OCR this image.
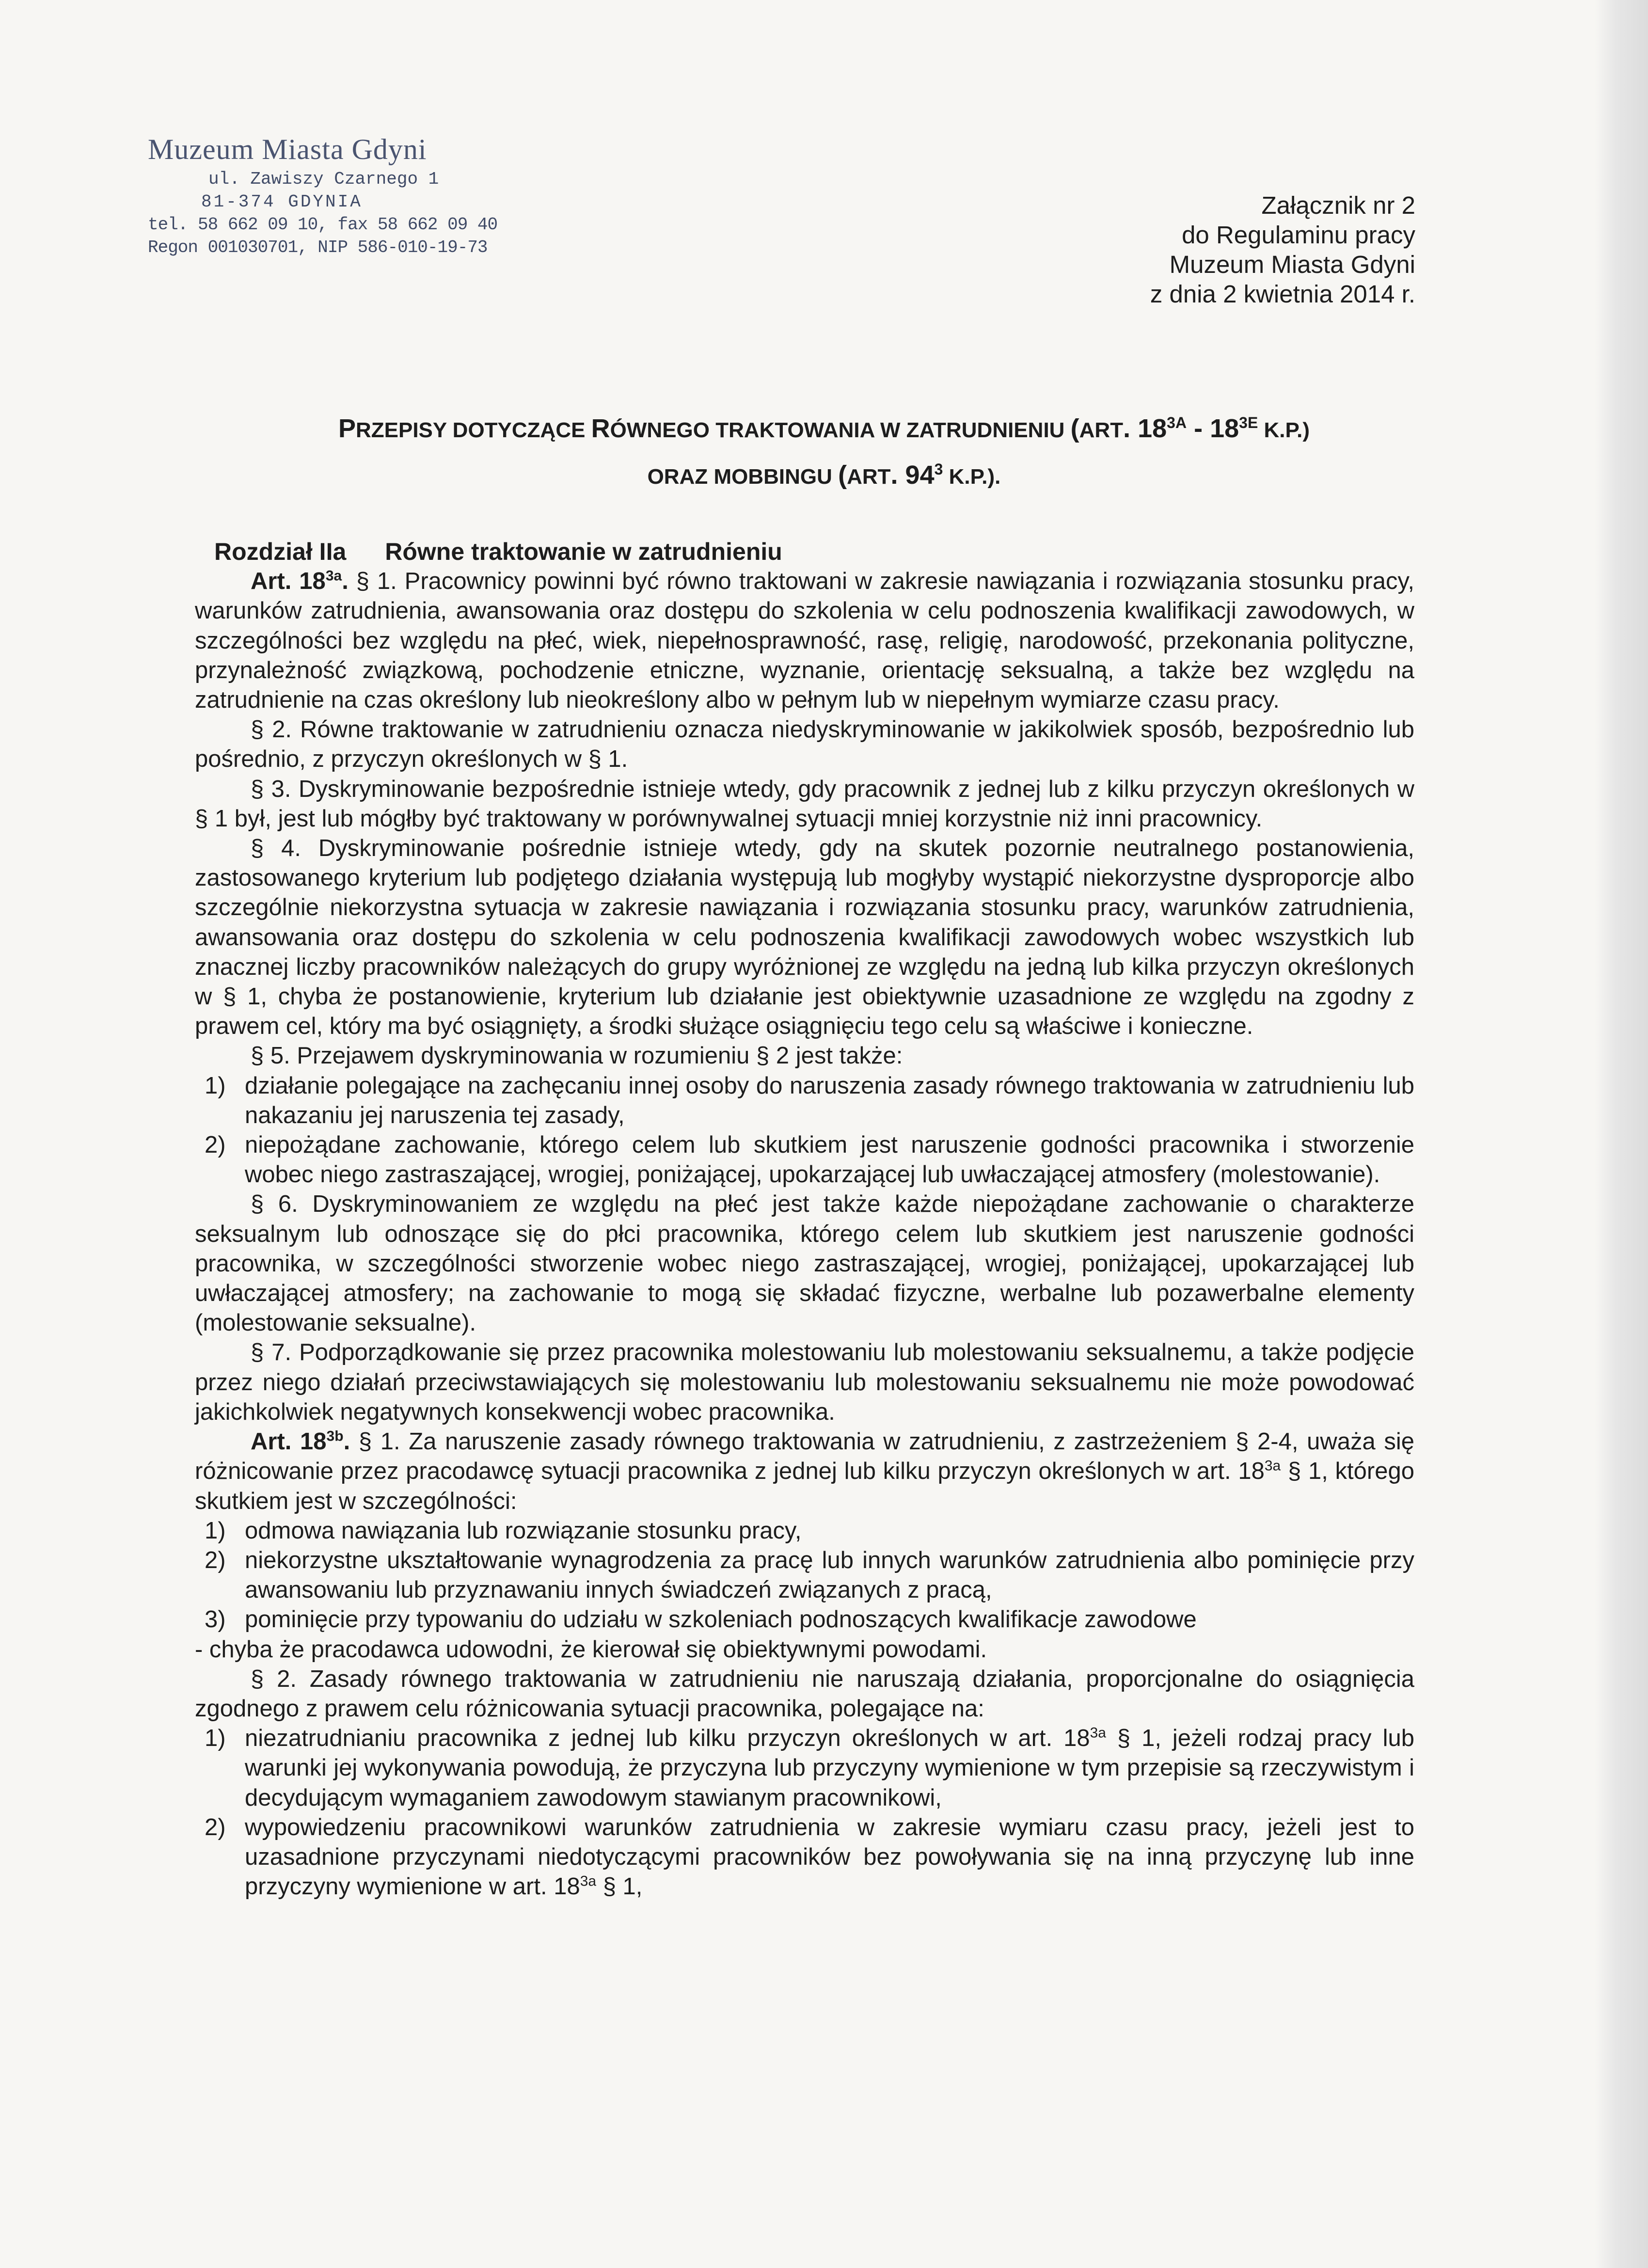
Muzeum Miasta Gdyni
ul. Zawiszy Czarnego 1
81-374 GDYNIA
tel. 58 662 09 10, fax 58 662 09 40
Regon 001030701, NIP 586-010-19-73
Załącznik nr 2
do Regulaminu pracy
Muzeum Miasta Gdyni
z dnia 2 kwietnia 2014 r.
PRZEPISY DOTYCZĄCE RÓWNEGO TRAKTOWANIA W ZATRUDNIENIU (ART. $18^{3A} - 18^{3E}$ K.P.)
ORAZ MOBBINGU (ART. $94^3$ K.P.).

Rozdział IIa Równe traktowanie w zatrudnieniu

Art. $18^{3a}$. § 1. Pracownicy powinni być równo traktowani w zakresie nawiązania i rozwiązania stosunku pracy, warunków zatrudnienia, awansowania oraz dostępu do szkolenia w celu podnoszenia kwalifikacji zawodowych, w szczególności bez względu na płeć, wiek, niepełnosprawność, rasę, religię, narodowość, przekonania polityczne, przynależność związkową, pochodzenie etniczne, wyznanie, orientację seksualną, a także bez względu na zatrudnienie na czas określony lub nieokreślony albo w pełnym lub w niepełnym wymiarze czasu pracy.

§ 2. Równe traktowanie w zatrudnieniu oznacza niedyskryminowanie w jakikolwiek sposób, bezpośrednio lub pośrednio, z przyczyn określonych w § 1.

§ 3. Dyskryminowanie bezpośrednie istnieje wtedy, gdy pracownik z jednej lub z kilku przyczyn określonych w § 1 był, jest lub mógłby być traktowany w porównywalnej sytuacji mniej korzystnie niż inni pracownicy.

§ 4. Dyskryminowanie pośrednie istnieje wtedy, gdy na skutek pozornie neutralnego postanowienia, zastosowanego kryterium lub podjętego działania występują lub mogłyby wystąpić niekorzystne dysproporcje albo szczególnie niekorzystna sytuacja w zakresie nawiązania i rozwiązania stosunku pracy, warunków zatrudnienia, awansowania oraz dostępu do szkolenia w celu podnoszenia kwalifikacji zawodowych wobec wszystkich lub znacznej liczby pracowników należących do grupy wyróżnionej ze względu na jedną lub kilka przyczyn określonych w § 1, chyba że postanowienie, kryterium lub działanie jest obiektywnie uzasadnione ze względu na zgodny z prawem cel, który ma być osiągnięty, a środki służące osiągnięciu tego celu są właściwe i konieczne.

§ 5. Przejawem dyskryminowania w rozumieniu § 2 jest także:

1) działanie polegające na zachęcaniu innej osoby do naruszenia zasady równego traktowania w zatrudnieniu lub nakazaniu jej naruszenia tej zasady,
2) niepożądane zachowanie, którego celem lub skutkiem jest naruszenie godności pracownika i stworzenie wobec niego zastraszającej, wrogiej, poniżającej, upokarzającej lub uwłaczającej atmosfery (molestowanie).

§ 6. Dyskryminowaniem ze względu na płeć jest także każde niepożądane zachowanie o charakterze seksualnym lub odnoszące się do płci pracownika, którego celem lub skutkiem jest naruszenie godności pracownika, w szczególności stworzenie wobec niego zastraszającej, wrogiej, poniżającej, upokarzającej lub uwłaczającej atmosfery; na zachowanie to mogą się składać fizyczne, werbalne lub pozawerbalne elementy (molestowanie seksualne).

§ 7. Podporządkowanie się przez pracownika molestowaniu lub molestowaniu seksualnemu, a także podjęcie przez niego działań przeciwstawiających się molestowaniu lub molestowaniu seksualnemu nie może powodować jakichkolwiek negatywnych konsekwencji wobec pracownika.

Art. $18^{3b}$. § 1. Za naruszenie zasady równego traktowania w zatrudnieniu, z zastrzeżeniem § 2-4, uważa się różnicowanie przez pracodawcę sytuacji pracownika z jednej lub kilku przyczyn określonych w art. $18^{3a}$ § 1, którego skutkiem jest w szczególności:

1) odmowa nawiązania lub rozwiązanie stosunku pracy,
2) niekorzystne ukształtowanie wynagrodzenia za pracę lub innych warunków zatrudnienia albo pominięcie przy awansowaniu lub przyznawaniu innych świadczeń związanych z pracą,
3) pominięcie przy typowaniu do udziału w szkoleniach podnoszących kwalifikacje zawodowe

- chyba że pracodawca udowodni, że kierował się obiektywnymi powodami.

§ 2. Zasady równego traktowania w zatrudnieniu nie naruszają działania, proporcjonalne do osiągnięcia zgodnego z prawem celu różnicowania sytuacji pracownika, polegające na:

1) niezatrudnianiu pracownika z jednej lub kilku przyczyn określonych w art. $18^{3a}$ § 1, jeżeli rodzaj pracy lub warunki jej wykonywania powodują, że przyczyna lub przyczyny wymienione w tym przepisie są rzeczywistym i decydującym wymaganiem zawodowym stawianym pracownikowi,
2) wypowiedzeniu pracownikowi warunków zatrudnienia w zakresie wymiaru czasu pracy, jeżeli jest to uzasadnione przyczynami niedotyczącymi pracowników bez powoływania się na inną przyczynę lub inne przyczyny wymienione w art. $18^{3a}$ § 1,
